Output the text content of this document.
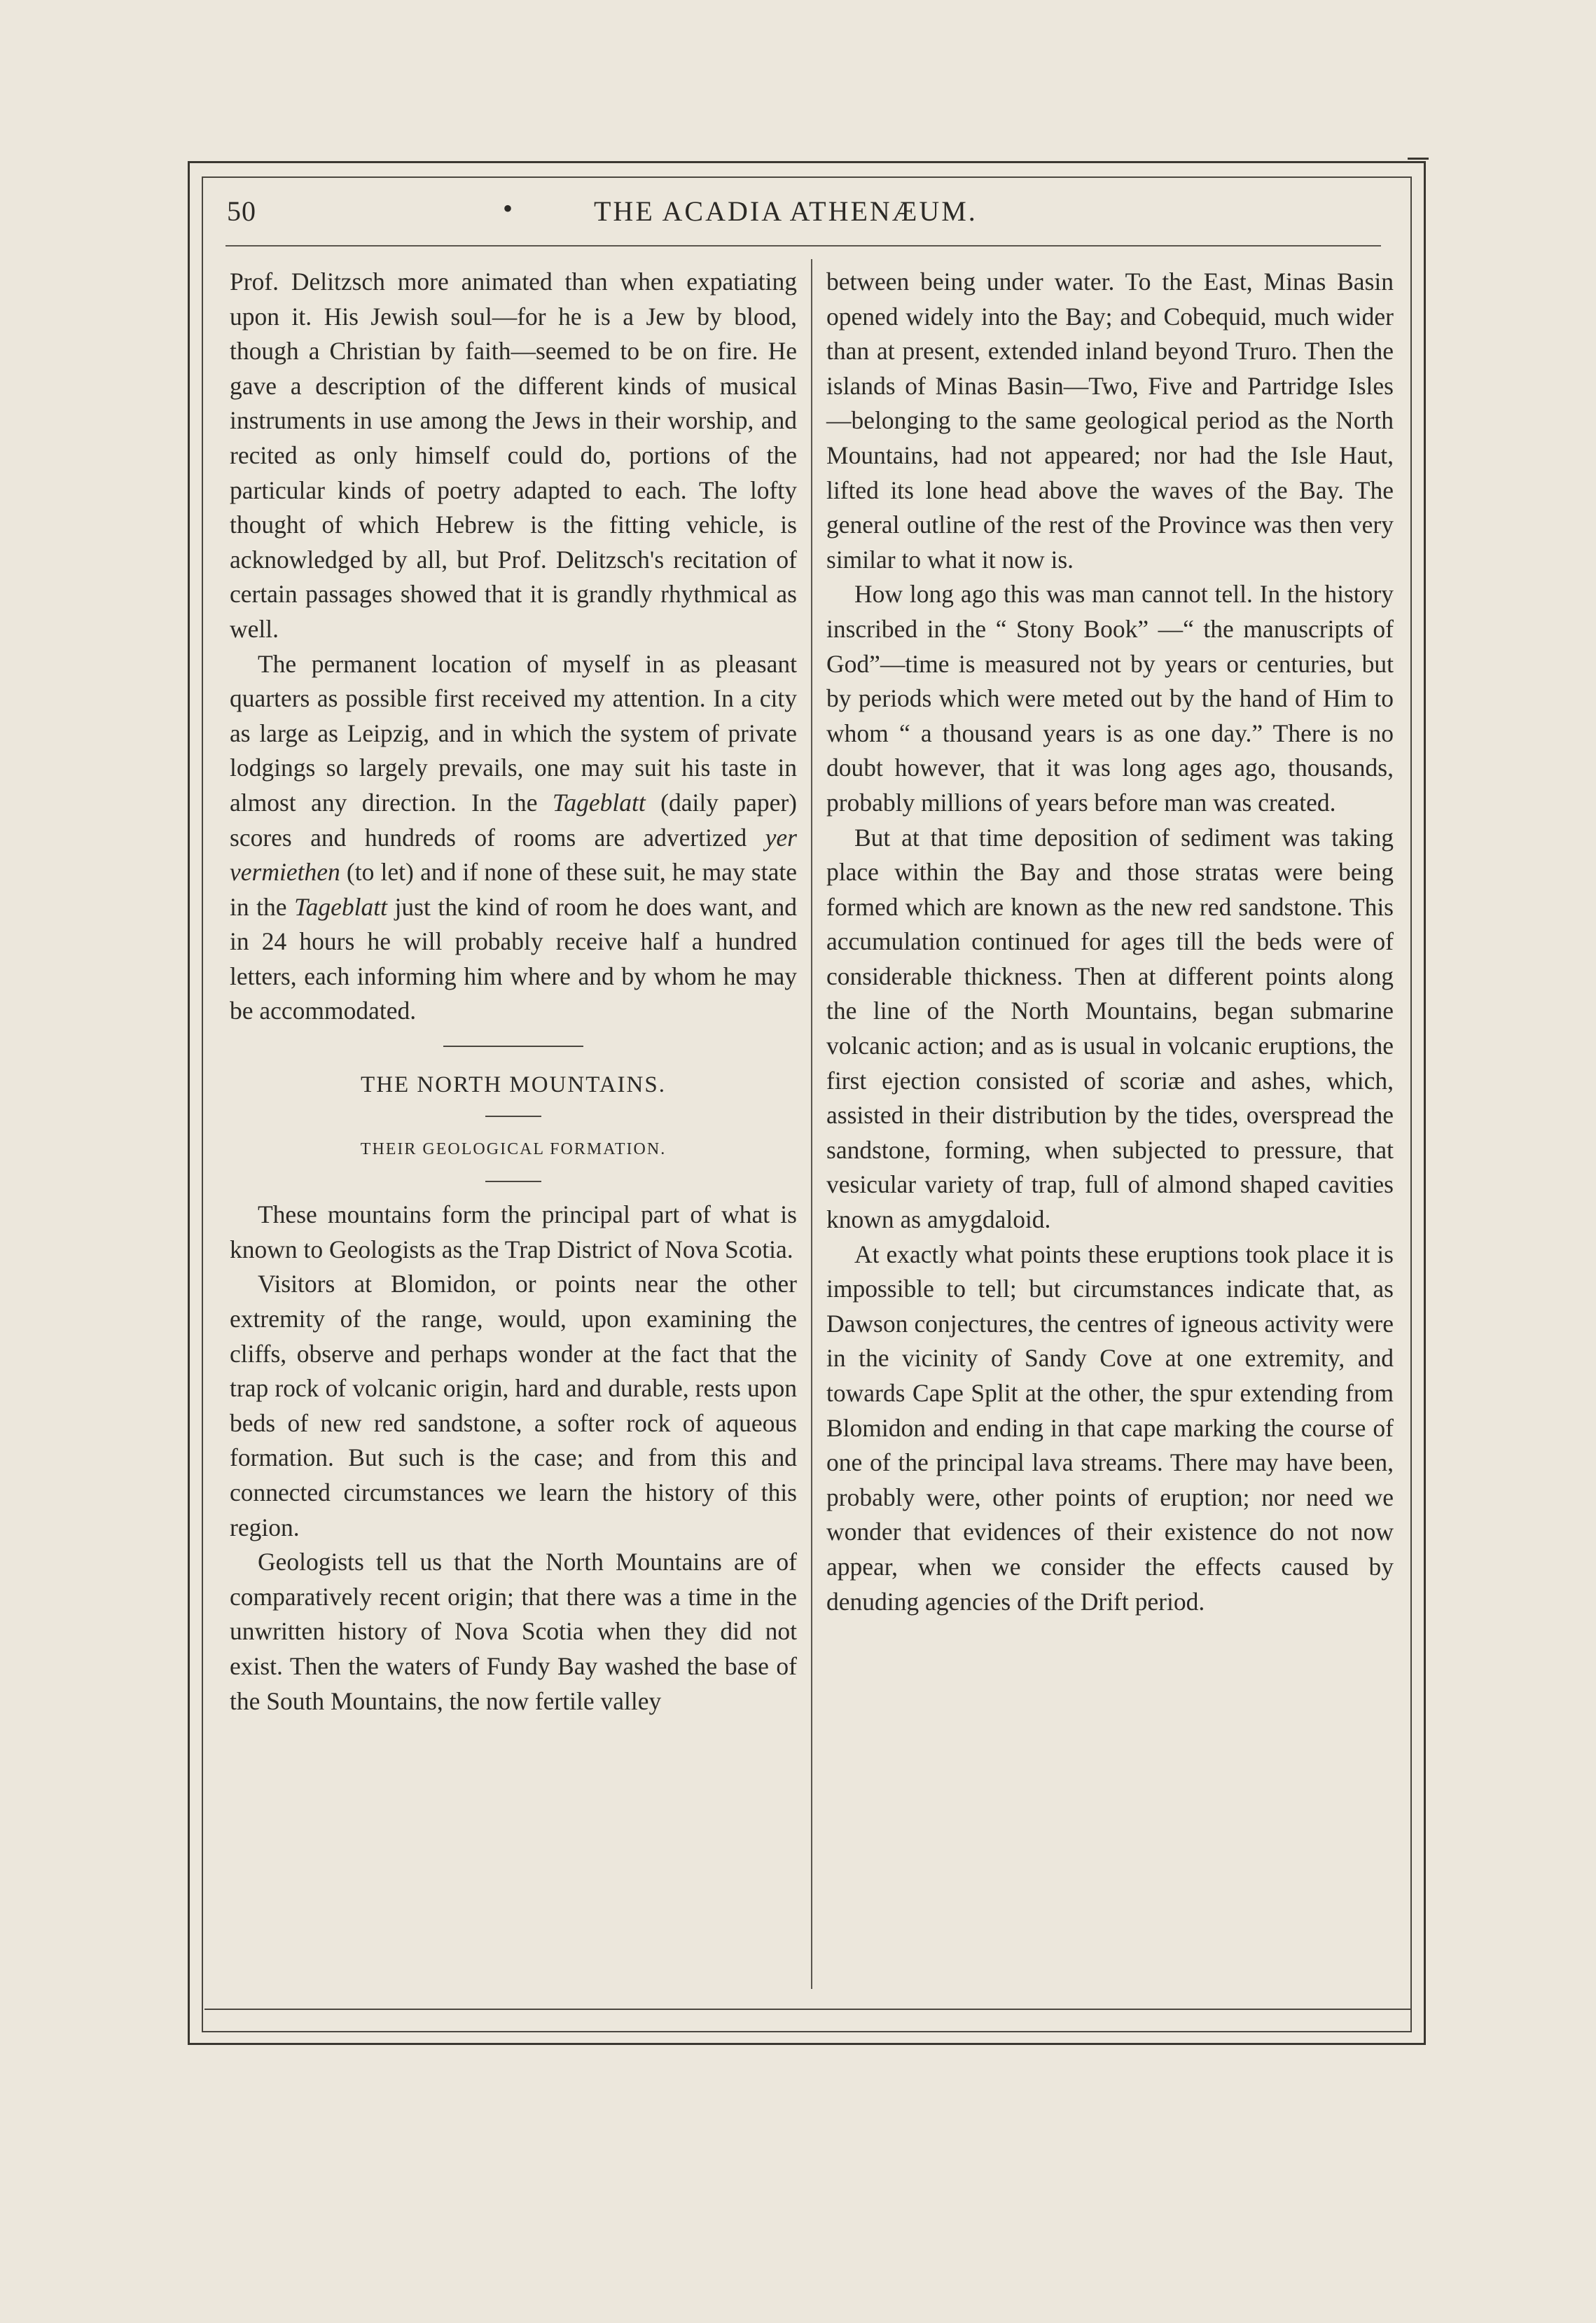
50	•	THE ACADIA ATHENÆUM.

Prof. Delitzsch more animated than when expatiating upon it. His Jewish soul—for he is a Jew by blood, though a Christian by faith—seemed to be on fire. He gave a description of the different kinds of musical instruments in use among the Jews in their worship, and recited as only himself could do, portions of the particular kinds of poetry adapted to each. The lofty thought of which Hebrew is the fitting vehicle, is acknowledged by all, but Prof. Delitzsch's recitation of certain passages showed that it is grandly rhythmical as well.

The permanent location of myself in as pleasant quarters as possible first received my attention. In a city as large as Leipzig, and in which the system of private lodgings so largely prevails, one may suit his taste in almost any direction. In the Tageblatt (daily paper) scores and hundreds of rooms are advertized yer vermiethen (to let) and if none of these suit, he may state in the Tageblatt just the kind of room he does want, and in 24 hours he will probably receive half a hundred letters, each informing him where and by whom he may be accommodated.

THE NORTH MOUNTAINS.
THEIR GEOLOGICAL FORMATION.

These mountains form the principal part of what is known to Geologists as the Trap District of Nova Scotia.

Visitors at Blomidon, or points near the other extremity of the range, would, upon examining the cliffs, observe and perhaps wonder at the fact that the trap rock of volcanic origin, hard and durable, rests upon beds of new red sandstone, a softer rock of aqueous formation. But such is the case; and from this and connected circumstances we learn the history of this region.

Geologists tell us that the North Mountains are of comparatively recent origin; that there was a time in the unwritten history of Nova Scotia when they did not exist. Then the waters of Fundy Bay washed the base of the South Mountains, the now fertile valley

between being under water. To the East, Minas Basin opened widely into the Bay; and Cobequid, much wider than at present, extended inland beyond Truro. Then the islands of Minas Basin—Two, Five and Partridge Isles—belonging to the same geological period as the North Mountains, had not appeared; nor had the Isle Haut, lifted its lone head above the waves of the Bay. The general outline of the rest of the Province was then very similar to what it now is.

How long ago this was man cannot tell. In the history inscribed in the “ Stony Book” —“ the manuscripts of God”—time is measured not by years or centuries, but by periods which were meted out by the hand of Him to whom “ a thousand years is as one day.” There is no doubt however, that it was long ages ago, thousands, probably millions of years before man was created.

But at that time deposition of sediment was taking place within the Bay and those stratas were being formed which are known as the new red sandstone. This accumulation continued for ages till the beds were of considerable thickness. Then at different points along the line of the North Mountains, began submarine volcanic action; and as is usual in volcanic eruptions, the first ejection consisted of scoriæ and ashes, which, assisted in their distribution by the tides, overspread the sandstone, forming, when subjected to pressure, that vesicular variety of trap, full of almond shaped cavities known as amygdaloid.

At exactly what points these eruptions took place it is impossible to tell; but circumstances indicate that, as Dawson conjectures, the centres of igneous activity were in the vicinity of Sandy Cove at one extremity, and towards Cape Split at the other, the spur extending from Blomidon and ending in that cape marking the course of one of the principal lava streams. There may have been, probably were, other points of eruption; nor need we wonder that evidences of their existence do not now appear, when we consider the effects caused by denuding agencies of the Drift period.
